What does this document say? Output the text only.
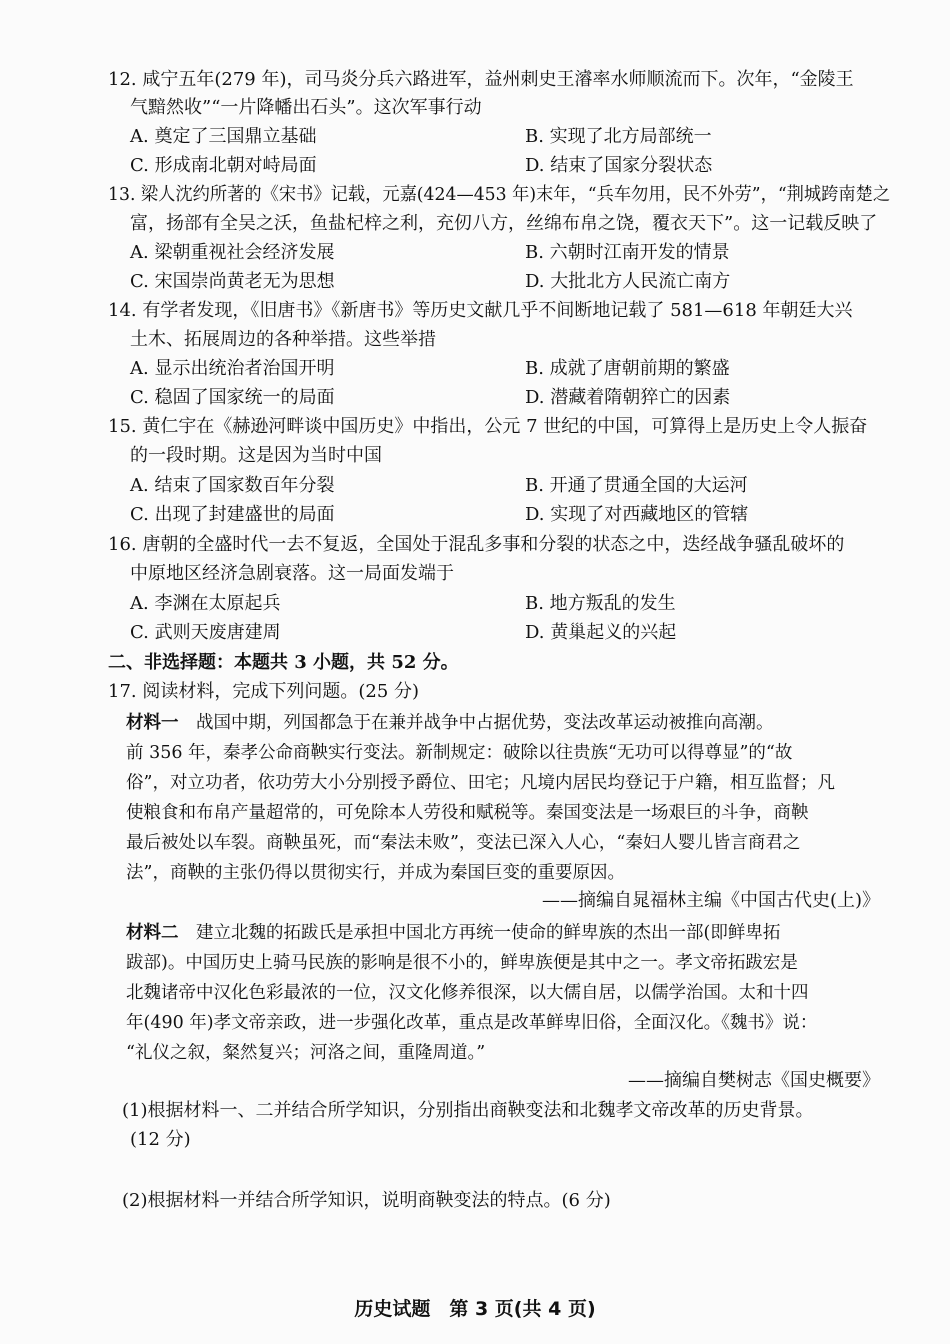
12. 咸宁五年(279 年)，司马炎分兵六路进军，益州刺史王濬率水师顺流而下。次年，“金陵王
气黯然收”“一片降幡出石头”。这次军事行动
A. 奠定了三国鼎立基础	B. 实现了北方局部统一
C. 形成南北朝对峙局面	D. 结束了国家分裂状态
13. 梁人沈约所著的《宋书》记载，元嘉(424—453 年)末年，“兵车勿用，民不外劳”，“荆城跨南楚之
富，扬部有全吴之沃，鱼盐杞梓之利，充仞八方，丝绵布帛之饶，覆衣天下”。这一记载反映了
A. 梁朝重视社会经济发展	B. 六朝时江南开发的情景
C. 宋国崇尚黄老无为思想	D. 大批北方人民流亡南方
14. 有学者发现，《旧唐书》《新唐书》等历史文献几乎不间断地记载了 581—618 年朝廷大兴
土木、拓展周边的各种举措。这些举措
A. 显示出统治者治国开明	B. 成就了唐朝前期的繁盛
C. 稳固了国家统一的局面	D. 潜藏着隋朝猝亡的因素
15. 黄仁宇在《赫逊河畔谈中国历史》中指出，公元 7 世纪的中国，可算得上是历史上令人振奋
的一段时期。这是因为当时中国
A. 结束了国家数百年分裂	B. 开通了贯通全国的大运河
C. 出现了封建盛世的局面	D. 实现了对西藏地区的管辖
16. 唐朝的全盛时代一去不复返，全国处于混乱多事和分裂的状态之中，迭经战争骚乱破坏的
中原地区经济急剧衰落。这一局面发端于
A. 李渊在太原起兵	B. 地方叛乱的发生
C. 武则天废唐建周	D. 黄巢起义的兴起
二、非选择题：本题共 3 小题，共 52 分。
17. 阅读材料，完成下列问题。(25 分)
材料一　战国中期，列国都急于在兼并战争中占据优势，变法改革运动被推向高潮。
前 356 年，秦孝公命商鞅实行变法。新制规定：破除以往贵族“无功可以得尊显”的“故
俗”，对立功者，依功劳大小分别授予爵位、田宅；凡境内居民均登记于户籍，相互监督；凡
使粮食和布帛产量超常的，可免除本人劳役和赋税等。秦国变法是一场艰巨的斗争，商鞅
最后被处以车裂。商鞅虽死，而“秦法未败”，变法已深入人心，“秦妇人婴儿皆言商君之
法”，商鞅的主张仍得以贯彻实行，并成为秦国巨变的重要原因。
——摘编自晁福林主编《中国古代史(上)》
材料二　建立北魏的拓跋氏是承担中国北方再统一使命的鲜卑族的杰出一部(即鲜卑拓
跋部)。中国历史上骑马民族的影响是很不小的，鲜卑族便是其中之一。孝文帝拓跋宏是
北魏诸帝中汉化色彩最浓的一位，汉文化修养很深，以大儒自居，以儒学治国。太和十四
年(490 年)孝文帝亲政，进一步强化改革，重点是改革鲜卑旧俗，全面汉化。《魏书》说：
“礼仪之叙，粲然复兴；河洛之间，重隆周道。”
——摘编自樊树志《国史概要》
(1)根据材料一、二并结合所学知识，分别指出商鞅变法和北魏孝文帝改革的历史背景。
(12 分)
(2)根据材料一并结合所学知识，说明商鞅变法的特点。(6 分)
历史试题　第 3 页(共 4 页)
